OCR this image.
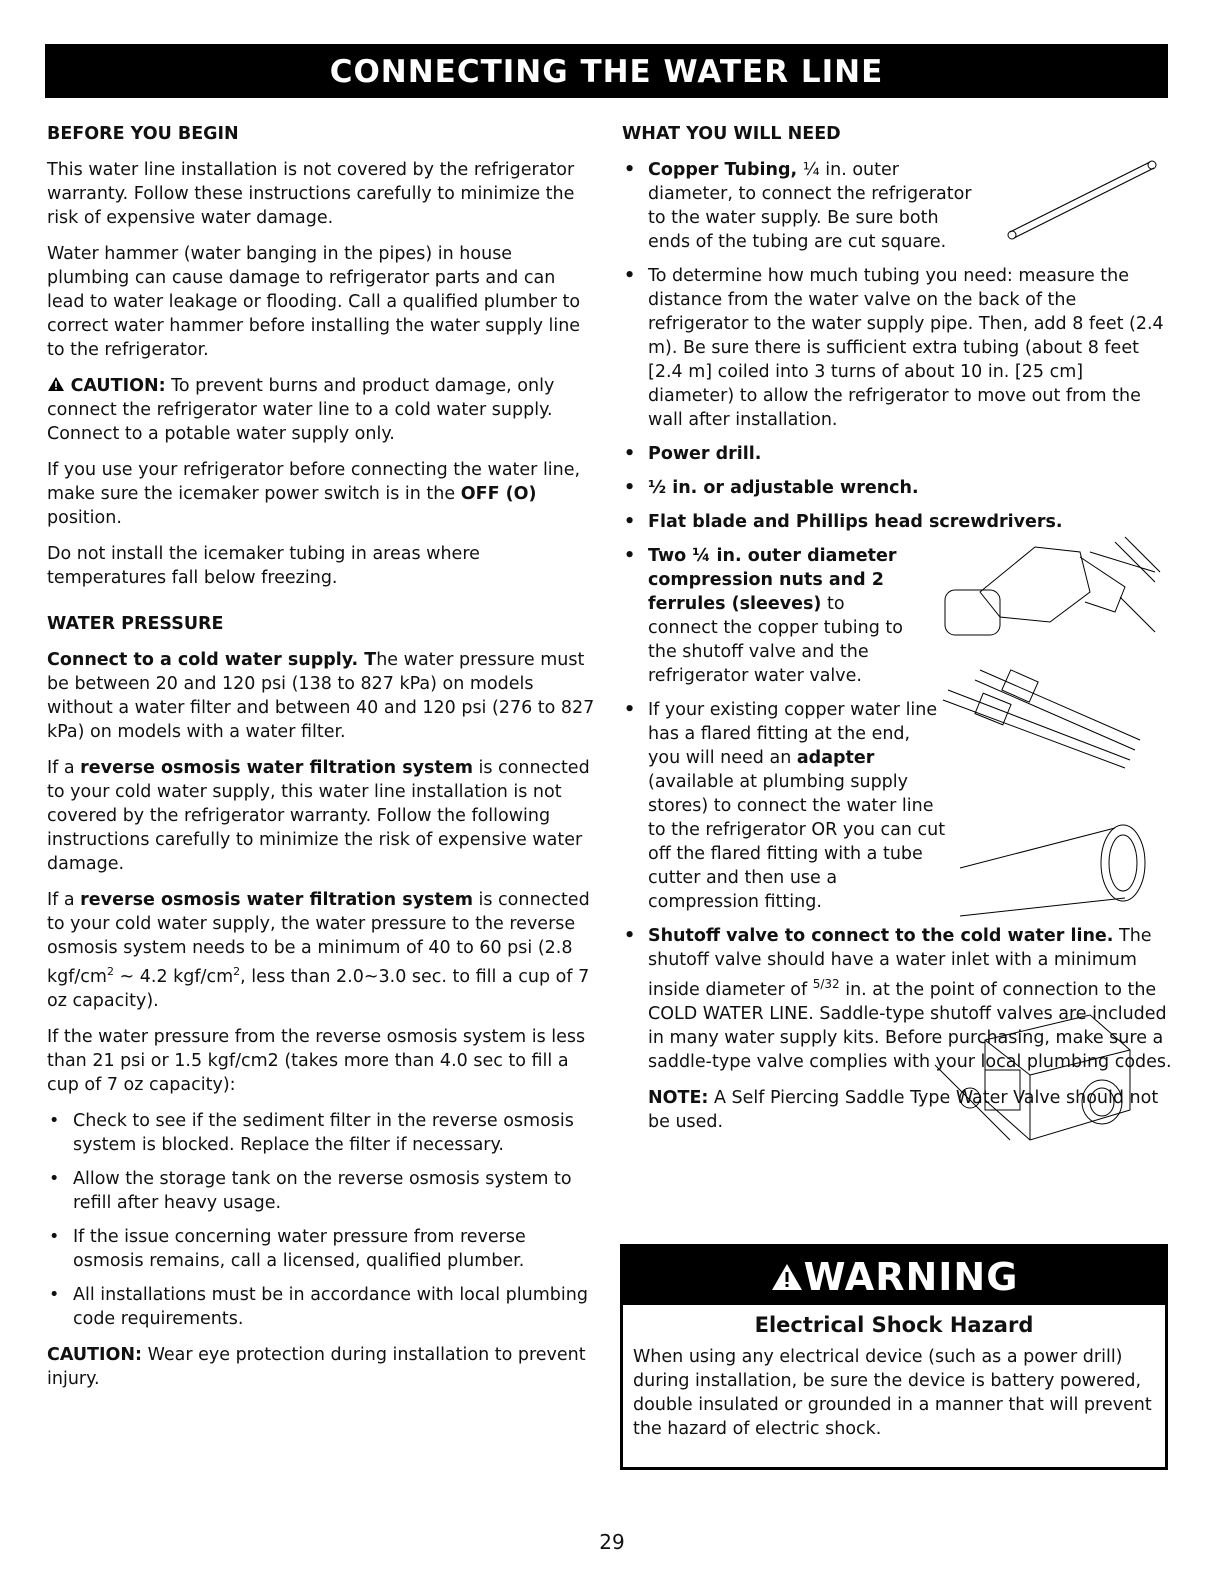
CONNECTING THE WATER LINE
BEFORE YOU BEGIN

This water line installation is not covered by the refrigerator warranty. Follow these instructions carefully to minimize the risk of expensive water damage.

Water hammer (water banging in the pipes) in house plumbing can cause damage to refrigerator parts and can lead to water leakage or flooding. Call a qualified plumber to correct water hammer before installing the water supply line to the refrigerator.

CAUTION: To prevent burns and product damage, only connect the refrigerator water line to a cold water supply. Connect to a potable water supply only.

If you use your refrigerator before connecting the water line, make sure the icemaker power switch is in the OFF (O) position.

Do not install the icemaker tubing in areas where temperatures fall below freezing.

WATER PRESSURE

Connect to a cold water supply. The water pressure must be between 20 and 120 psi (138 to 827 kPa) on models without a water filter and between 40 and 120 psi (276 to 827 kPa) on models with a water filter.

If a reverse osmosis water filtration system is connected to your cold water supply, this water line installation is not covered by the refrigerator warranty. Follow the following instructions carefully to minimize the risk of expensive water damage.

If a reverse osmosis water filtration system is connected to your cold water supply, the water pressure to the reverse osmosis system needs to be a minimum of 40 to 60 psi (2.8 kgf/$cm^2$ ~ 4.2 kgf/$cm^2$, less than 2.0~3.0 sec. to fill a cup of 7 oz capacity).

If the water pressure from the reverse osmosis system is less than 21 psi or 1.5 kgf/cm2 (takes more than 4.0 sec to fill a cup of 7 oz capacity):

• Check to see if the sediment filter in the reverse osmosis system is blocked. Replace the filter if necessary.
• Allow the storage tank on the reverse osmosis system to refill after heavy usage.
• If the issue concerning water pressure from reverse osmosis remains, call a licensed, qualified plumber.
• All installations must be in accordance with local plumbing code requirements.

CAUTION: Wear eye protection during installation to prevent injury.

WHAT YOU WILL NEED
• Copper Tubing, ¼ in. outer diameter, to connect the refrigerator to the water supply. Be sure both ends of the tubing are cut square.
• To determine how much tubing you need: measure the distance from the water valve on the back of the refrigerator to the water supply pipe. Then, add 8 feet (2.4 m). Be sure there is sufficient extra tubing (about 8 feet [2.4 m] coiled into 3 turns of about 10 in. [25 cm] diameter) to allow the refrigerator to move out from the wall after installation.
• Power drill.
• ½ in. or adjustable wrench.
• Flat blade and Phillips head screwdrivers.
• Two ¼ in. outer diameter compression nuts and 2 ferrules (sleeves) to connect the copper tubing to the shutoff valve and the refrigerator water valve.
• If your existing copper water line has a flared fitting at the end, you will need an adapter (available at plumbing supply stores) to connect the water line to the refrigerator OR you can cut off the flared fitting with a tube cutter and then use a compression fitting.
• Shutoff valve to connect to the cold water line. The shutoff valve should have a water inlet with a minimum inside diameter of $^{5/32}$ in. at the point of connection to the COLD WATER LINE. Saddle-type shutoff valves are included in many water supply kits. Before purchasing, make sure a saddle-type valve complies with your local plumbing codes.

NOTE: A Self Piercing Saddle Type Water Valve should not be used.

WARNING
Electrical Shock Hazard
When using any electrical device (such as a power drill) during installation, be sure the device is battery powered, double insulated or grounded in a manner that will prevent the hazard of electric shock.
29
